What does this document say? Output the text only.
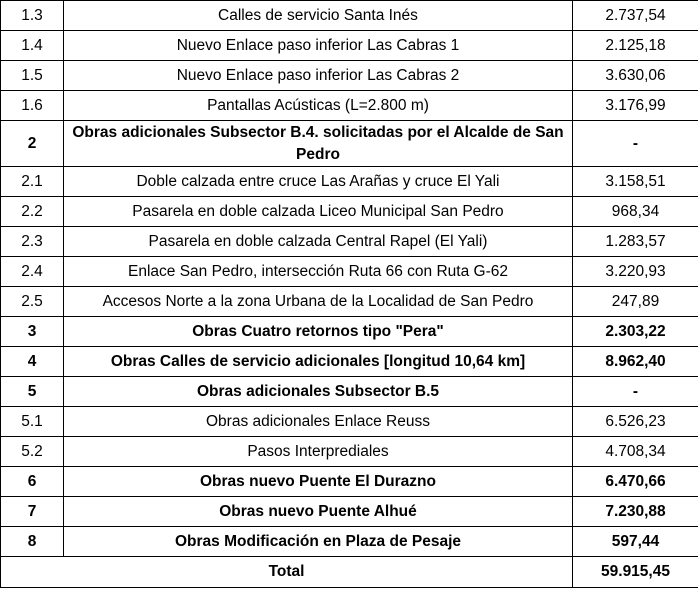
1.3	Calles de servicio Santa Inés	2.737,54
1.4	Nuevo Enlace paso inferior Las Cabras 1	2.125,18
1.5	Nuevo Enlace paso inferior Las Cabras 2	3.630,06
1.6	Pantallas Acústicas (L=2.800 m)	3.176,99
2	Obras adicionales Subsector B.4. solicitadas por el Alcalde de San Pedro	-
2.1	Doble calzada entre cruce Las Arañas y cruce El Yali	3.158,51
2.2	Pasarela en doble calzada Liceo Municipal San Pedro	968,34
2.3	Pasarela en doble calzada Central Rapel (El Yali)	1.283,57
2.4	Enlace San Pedro, intersección Ruta 66 con Ruta G-62	3.220,93
2.5	Accesos Norte a la zona Urbana de la Localidad de San Pedro	247,89
3	Obras Cuatro retornos tipo "Pera"	2.303,22
4	Obras Calles de servicio adicionales [longitud 10,64 km]	8.962,40
5	Obras adicionales Subsector B.5	-
5.1	Obras adicionales Enlace Reuss	6.526,23
5.2	Pasos Interprediales	4.708,34
6	Obras nuevo Puente El Durazno	6.470,66
7	Obras nuevo Puente Alhué	7.230,88
8	Obras Modificación en Plaza de Pesaje	597,44
Total		59.915,45
